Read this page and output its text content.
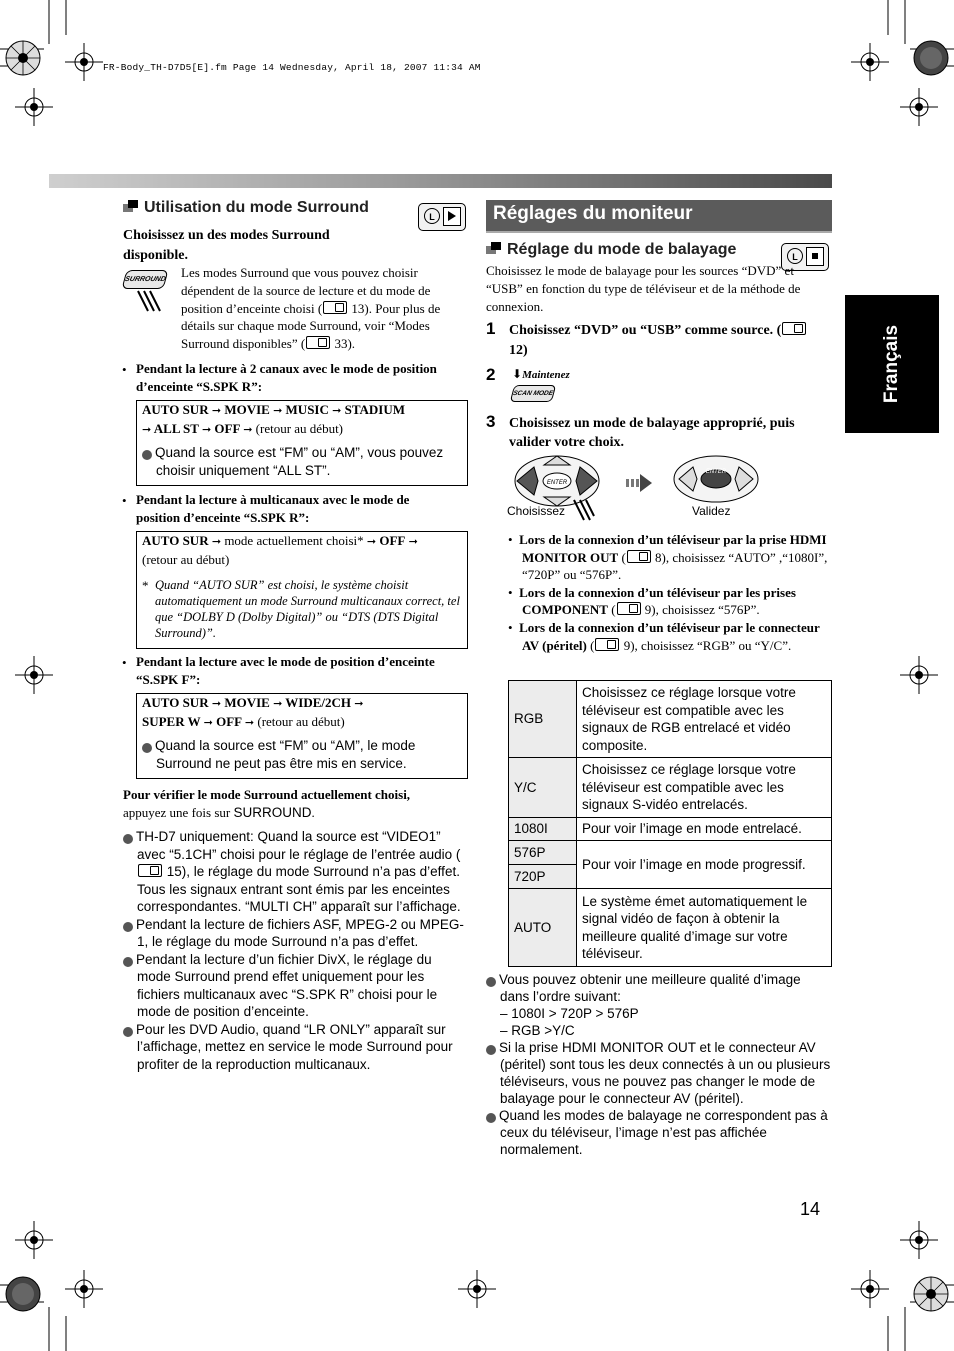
FR-Body_TH-D7D5[E].fm Page 14 Wednesday, April 18, 2007 11:34 AM
Français
14
Utilisation du mode Surround
L
Choisissez un des modes Surround disponible.
SURROUND Les modes Surround que vous pouvez choisir dépendent de la source de lecture et du mode de position d’enceinte choisi ( 13). Pour plus de détails sur chaque mode Surround, voir “Modes Surround disponibles” ( 33).
• Pendant la lecture à 2 canaux avec le mode de position d’enceinte “S.SPK R”:
AUTO SUR ➞ MOVIE ➞ MUSIC ➞ STADIUM
➞ ALL ST ➞ OFF ➞ (retour au début)
✓ Quand la source est “FM” ou “AM”, vous pouvez choisir uniquement “ALL ST”.
• Pendant la lecture à multicanaux avec le mode de position d’enceinte “S.SPK R”:
AUTO SUR ➞ mode actuellement choisi* ➞ OFF ➞
(retour au début)
* Quand “AUTO SUR” est choisi, le système choisit automatiquement un mode Surround multicanaux correct, tel que “DOLBY D (Dolby Digital)” ou “DTS (DTS Digital Surround)”.
• Pendant la lecture avec le mode de position d’enceinte “S.SPK F”:
AUTO SUR ➞ MOVIE ➞ WIDE/2CH ➞
SUPER W ➞ OFF ➞ (retour au début)
✓ Quand la source est “FM” ou “AM”, le mode Surround ne peut pas être mis en service.
Pour vérifier le mode Surround actuellement choisi,
appuyez une fois sur SURROUND.
✓ TH-D7 uniquement: Quand la source est “VIDEO1” avec “5.1CH” choisi pour le réglage de l’entrée audio ( 15), le réglage du mode Surround n’a pas d’effet. Tous les signaux entrant sont émis par les enceintes correspondantes. “MULTI CH” apparaît sur l’affichage.
✓ Pendant la lecture de fichiers ASF, MPEG-2 ou MPEG-1, le réglage du mode Surround n’a pas d’effet.
✓ Pendant la lecture d’un fichier DivX, le réglage du mode Surround prend effet uniquement pour les fichiers multicanaux avec “S.SPK R” choisi pour le mode de position d’enceinte.
✓ Pour les DVD Audio, quand “LR ONLY” apparaît sur l’affichage, mettez en service le mode Surround pour profiter de la reproduction multicanaux.
Réglages du moniteur
Réglage du mode de balayage	L
Choisissez le mode de balayage pour les sources “DVD” et “USB” en fonction du type de téléviseur et de la méthode de connexion.
1 Choisissez “DVD” ou “USB” comme source. ( 12)
2 ⬇Maintenez
SCAN MODE
3 Choisissez un mode de balayage approprié, puis valider votre choix.
ENTER
ENTER
Choisissez	Validez
•  Lors de la connexion d’un téléviseur par la prise HDMI MONITOR OUT ( 8), choisissez “AUTO” ,“1080I”, “720P” ou “576P”.
•  Lors de la connexion d’un téléviseur par les prises COMPONENT ( 9), choisissez “576P”.
•  Lors de la connexion d’un téléviseur par le connecteur AV (péritel) ( 9), choisissez “RGB” ou “Y/C”.
RGB	Choisissez ce réglage lorsque votre téléviseur est compatible avec les signaux de RGB entrelacé et vidéo composite.
Y/C	Choisissez ce réglage lorsque votre téléviseur est compatible avec les signaux S-vidéo entrelacés.
1080I	Pour voir l’image en mode entrelacé.
576P	Pour voir l’image en mode progressif.
720P	
AUTO	Le système émet automatiquement le signal vidéo de façon à obtenir la meilleure qualité d’image sur votre téléviseur.
✓ Vous pouvez obtenir une meilleure qualité d’image dans l’ordre suivant:
– 1080I > 720P > 576P
– RGB >Y/C
✓ Si la prise HDMI MONITOR OUT et le connecteur AV (péritel) sont tous les deux connectés à un ou plusieurs téléviseurs, vous ne pouvez pas changer le mode de balayage pour le connecteur AV (péritel).
✓ Quand les modes de balayage ne correspondent pas à ceux du téléviseur, l’image n’est pas affichée normalement.
